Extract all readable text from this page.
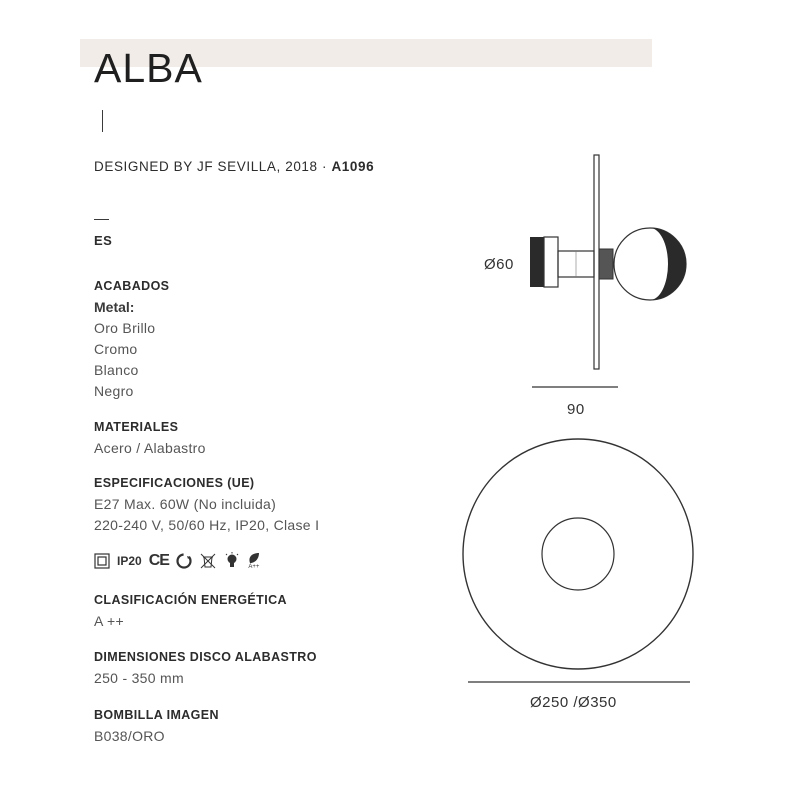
ALBA
DESIGNED BY JF SEVILLA, 2018 · A1096
ES
ACABADOS
Metal:
Oro Brillo
Cromo
Blanco
Negro
MATERIALES
Acero / Alabastro
ESPECIFICACIONES (UE)
E27 Max. 60W (No incluida)
220-240 V, 50/60 Hz, IP20, Clase I
IP20 CE	A++
CLASIFICACIÓN ENERGÉTICA
A ++
DIMENSIONES DISCO ALABASTRO
250 - 350 mm
BOMBILLA IMAGEN
B038/ORO
Ø60
90
Ø250 /Ø350
